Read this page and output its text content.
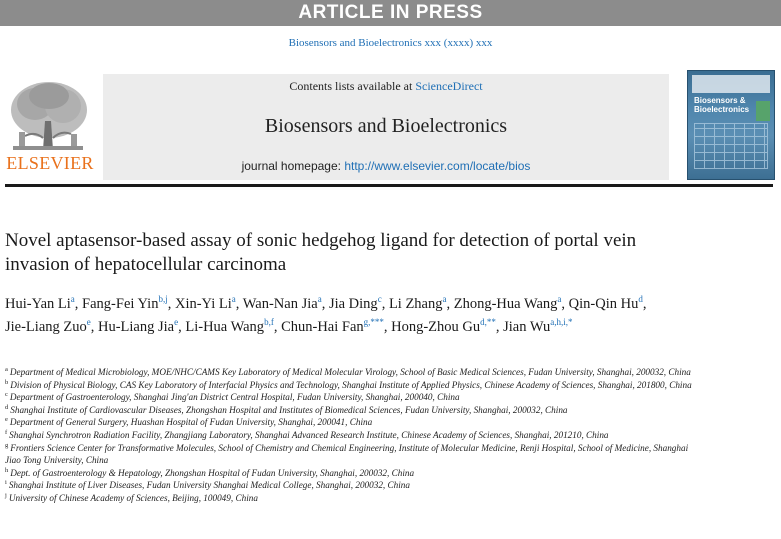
ARTICLE IN PRESS
Biosensors and Bioelectronics xxx (xxxx) xxx
ELSEVIER
Contents lists available at ScienceDirect
Biosensors and Bioelectronics
journal homepage: http://www.elsevier.com/locate/bios
Biosensors &
Bioelectronics
Novel aptasensor-based assay of sonic hedgehog ligand for detection of portal vein invasion of hepatocellular carcinoma
Hui-Yan Li$^a$, Fang-Fei Yin$^{b,j}$, Xin-Yi Li$^a$, Wan-Nan Jia$^a$, Jia Ding$^c$, Li Zhang$^a$, Zhong-Hua Wang$^a$, Qin-Qin Hu$^d$, Jie-Liang Zuo$^e$, Hu-Liang Jia$^e$, Li-Hua Wang$^{b,f}$, Chun-Hai Fan$^{g,***}$, Hong-Zhou $Gu^{d,**}$, Jian $Wu^{a,h,i,*}$
$^a$ Department of Medical Microbiology, MOE/NHC/CAMS Key Laboratory of Medical Molecular Virology, School of Basic Medical Sciences, Fudan University, Shanghai, 200032, China
$^b$ Division of Physical Biology, CAS Key Laboratory of Interfacial Physics and Technology, Shanghai Institute of Applied Physics, Chinese Academy of Sciences, Shanghai, 201800, China
$^c$ Department of Gastroenterology, Shanghai Jing'an District Central Hospital, Fudan University, Shanghai, 200040, China
$^d$ Shanghai Institute of Cardiovascular Diseases, Zhongshan Hospital and Institutes of Biomedical Sciences, Fudan University, Shanghai, 200032, China
$^e$ Department of General Surgery, Huashan Hospital of Fudan University, Shanghai, 200041, China
$^f$ Shanghai Synchrotron Radiation Facility, Zhangjiang Laboratory, Shanghai Advanced Research Institute, Chinese Academy of Sciences, Shanghai, 201210, China
$^g$ Frontiers Science Center for Transformative Molecules, School of Chemistry and Chemical Engineering, Institute of Molecular Medicine, Renji Hospital, School of Medicine, Shanghai Jiao Tong University, China
$^h$ Dept. of Gastroenterology & Hepatology, Zhongshan Hospital of Fudan University, Shanghai, 200032, China
$^i$ Shanghai Institute of Liver Diseases, Fudan University Shanghai Medical College, Shanghai, 200032, China
$^j$ University of Chinese Academy of Sciences, Beijing, 100049, China
